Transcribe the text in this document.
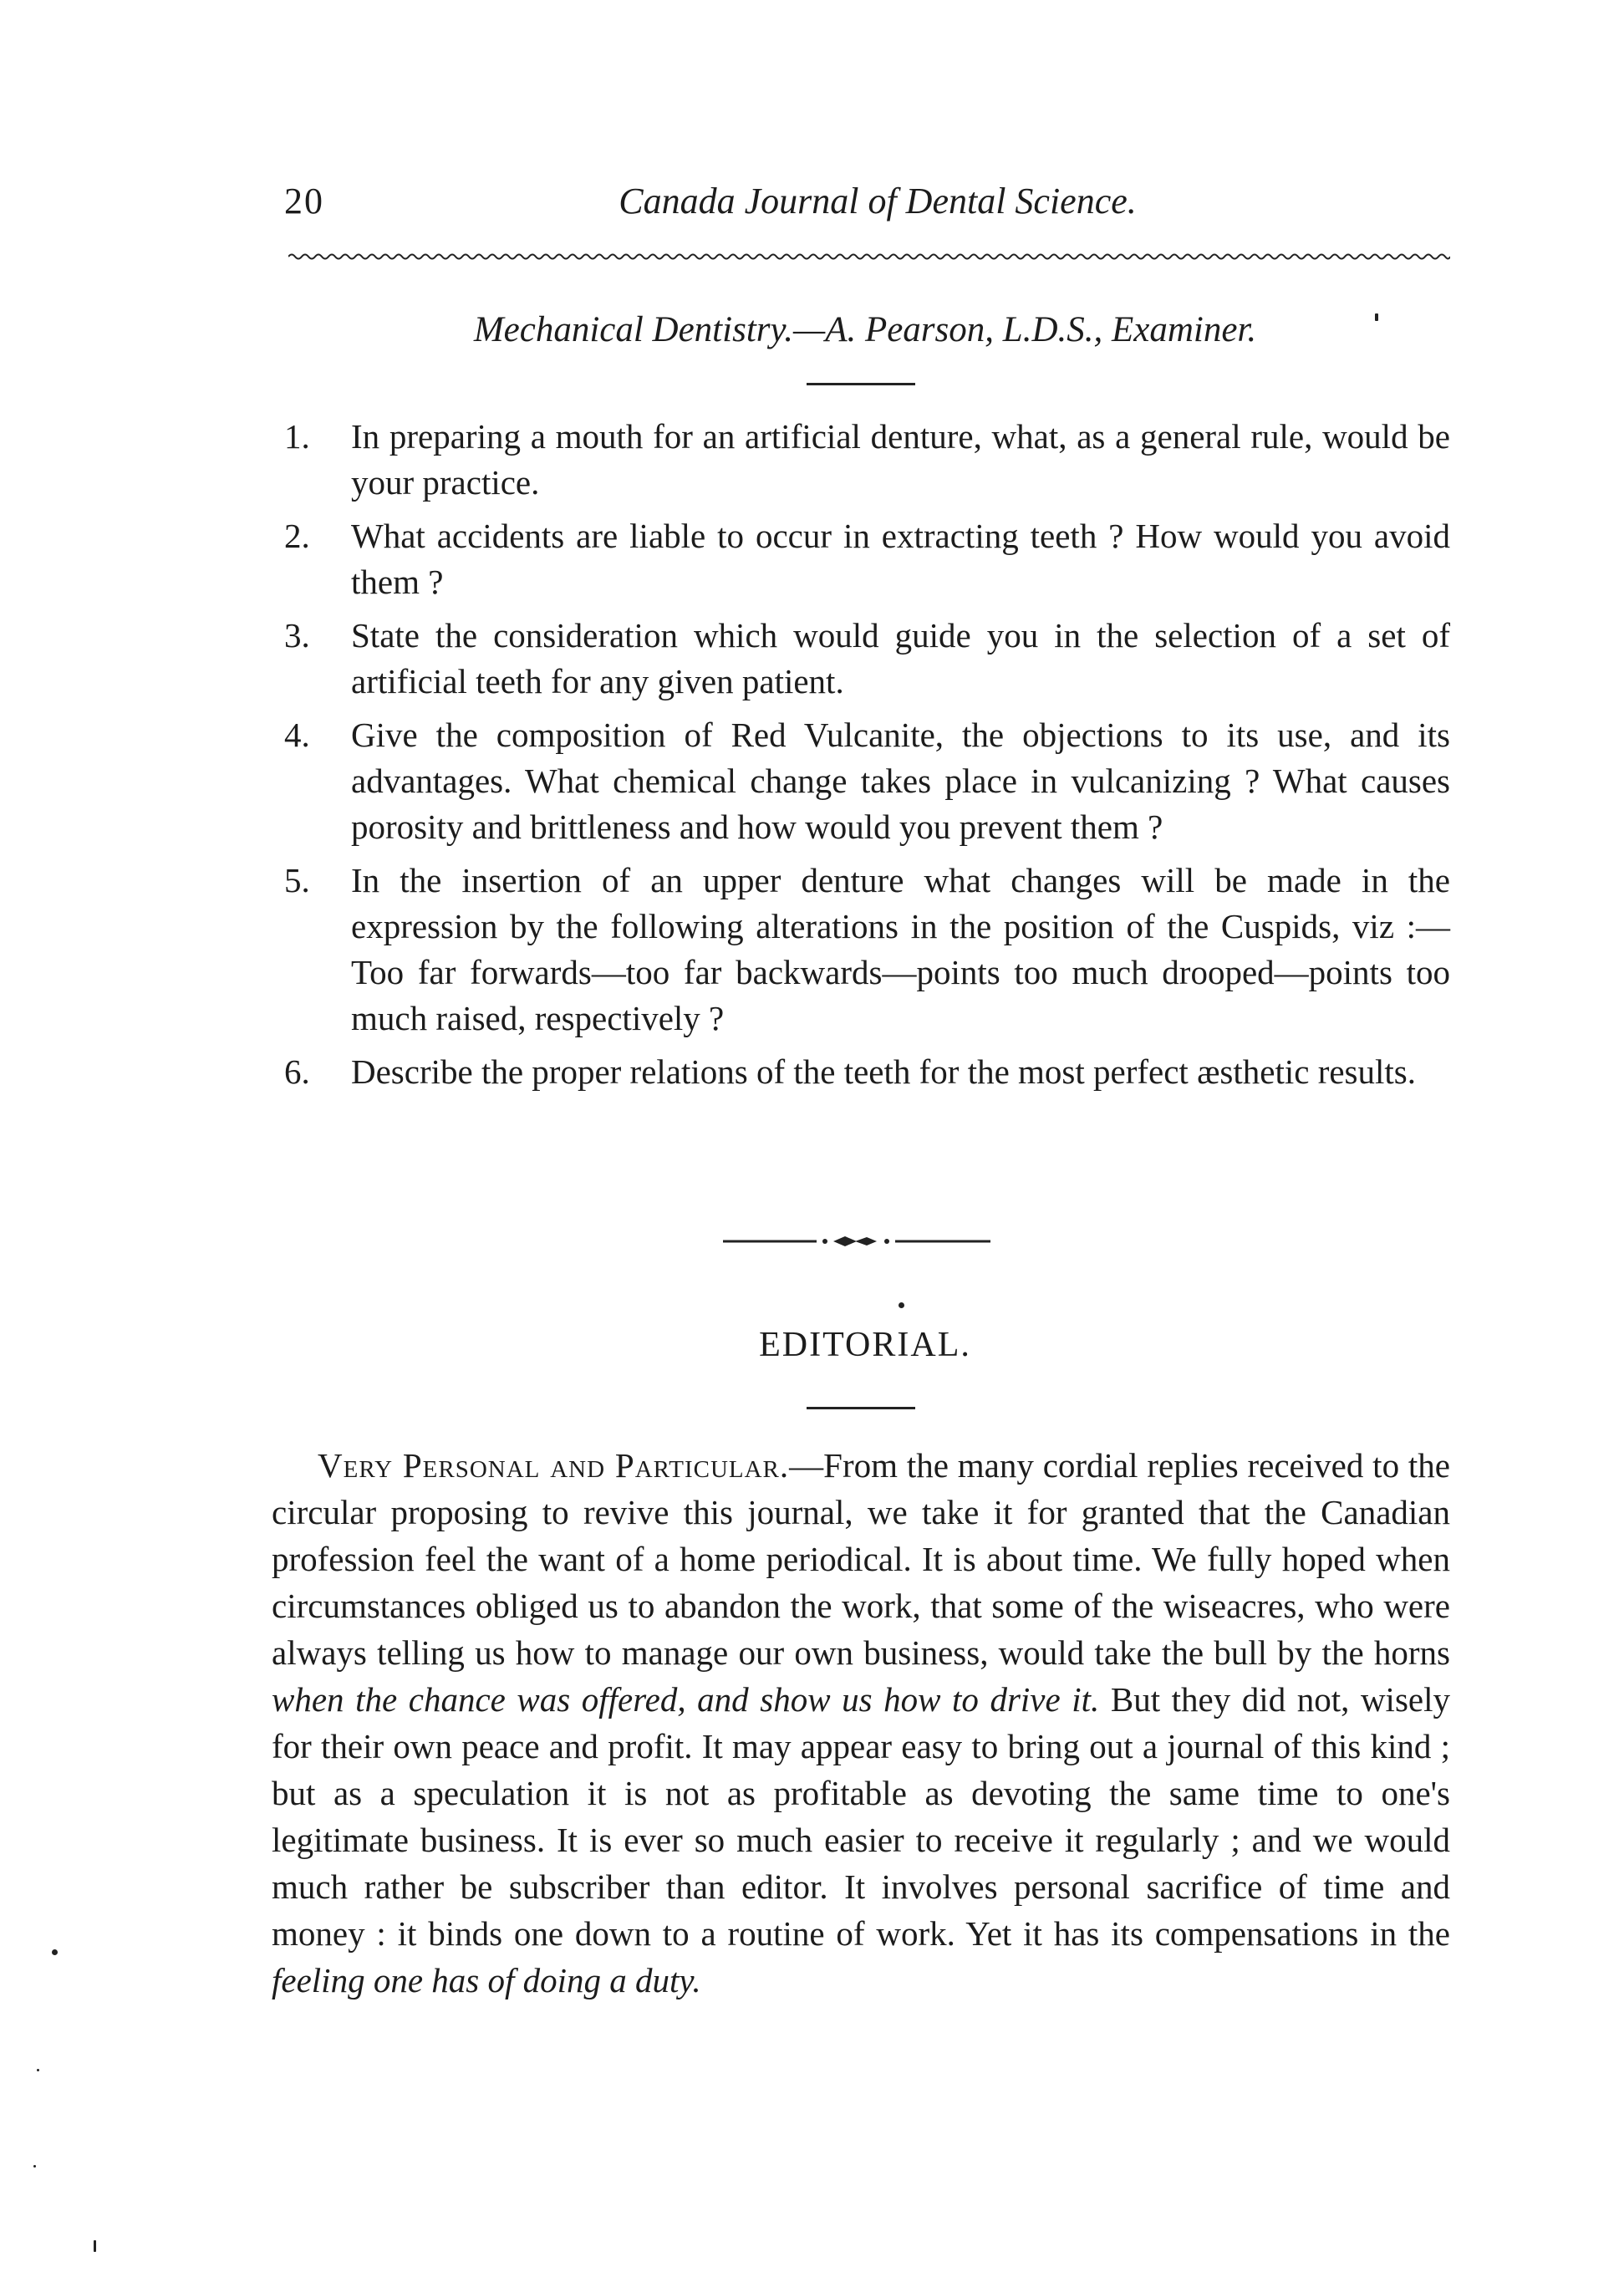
20	Canada Journal of Dental Science.
Mechanical Dentistry.—A. Pearson, L.D.S., Examiner.
1.	In preparing a mouth for an artificial denture, what, as a general rule, would be your practice.
2.	What accidents are liable to occur in extracting teeth ? How would you avoid them ?
3.	State the consideration which would guide you in the selection of a set of artificial teeth for any given patient.
4.	Give the composition of Red Vulcanite, the objections to its use, and its advantages. What chemical change takes place in vulcanizing ? What causes porosity and brittleness and how would you prevent them ?
5.	In the insertion of an upper denture what changes will be made in the expression by the following alterations in the position of the Cuspids, viz :—Too far forwards—too far backwards—points too much drooped—points too much raised, respectively ?
6.	Describe the proper relations of the teeth for the most perfect æsthetic results.
EDITORIAL.

Very Personal and Particular.—From the many cordial replies received to the circular proposing to revive this journal, we take it for granted that the Canadian profession feel the want of a home periodical. It is about time. We fully hoped when circumstances obliged us to abandon the work, that some of the wiseacres, who were always telling us how to manage our own business, would take the bull by the horns when the chance was offered, and show us how to drive it. But they did not, wisely for their own peace and profit. It may appear easy to bring out a journal of this kind ; but as a speculation it is not as profitable as devoting the same time to one's legitimate business. It is ever so much easier to receive it regularly ; and we would much rather be subscriber than editor. It involves personal sacrifice of time and money : it binds one down to a routine of work. Yet it has its compensations in the feeling one has of doing a duty.
